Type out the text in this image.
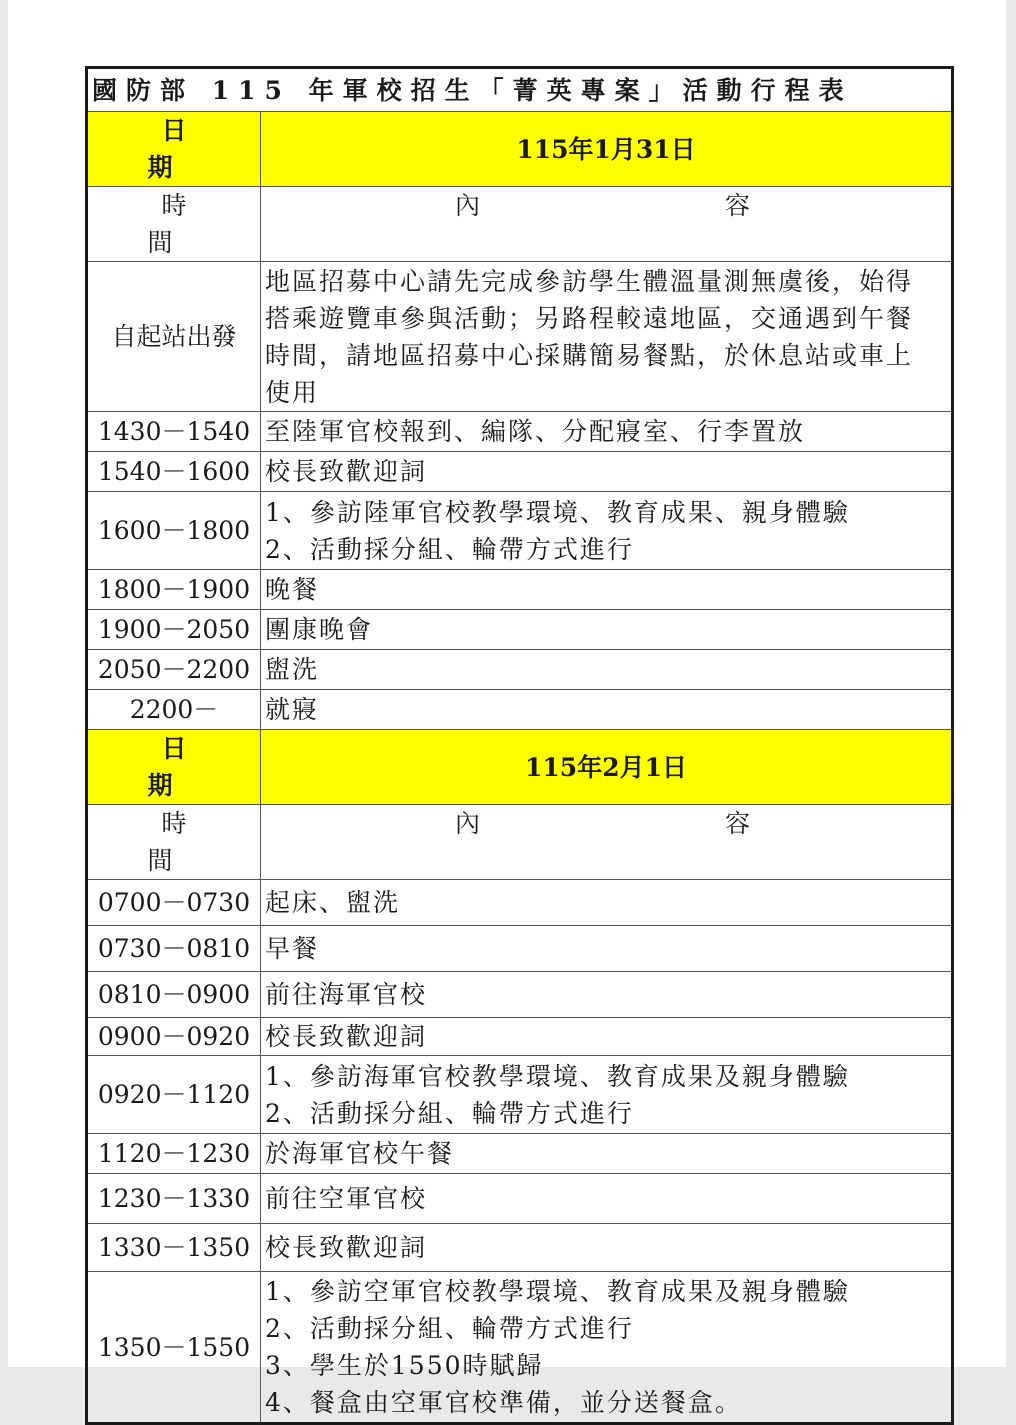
國防部 115 年軍校招生「菁英專案」活動行程表	
日 期	115年1月31日
時 間	內 容

自起站出發	地區招募中心請先完成參訪學生體溫量測無虞後，始得
搭乘遊覽車參與活動；另路程較遠地區，交通遇到午餐
時間，請地區招募中心採購簡易餐點，於休息站或車上
使用

1430－1540	至陸軍官校報到、編隊、分配寢室、行李置放

1540－1600	校長致歡迎詞

1600－1800	1、參訪陸軍官校教學環境、教育成果、親身體驗
2、活動採分組、輪帶方式進行

1800－1900	晚餐

1900－2050	團康晚會

2050－2200	盥洗

2200－	就寢

日 期	115年2月1日
時 間	內 容

0700－0730	起床、盥洗

0730－0810	早餐

0810－0900	前往海軍官校

0900－0920	校長致歡迎詞

0920－1120	1、參訪海軍官校教學環境、教育成果及親身體驗
2、活動採分組、輪帶方式進行

1120－1230	於海軍官校午餐

1230－1330	前往空軍官校

1330－1350	校長致歡迎詞

1350－1550	1、參訪空軍官校教學環境、教育成果及親身體驗
2、活動採分組、輪帶方式進行
3、學生於1550時賦歸
4、餐盒由空軍官校準備，並分送餐盒。
